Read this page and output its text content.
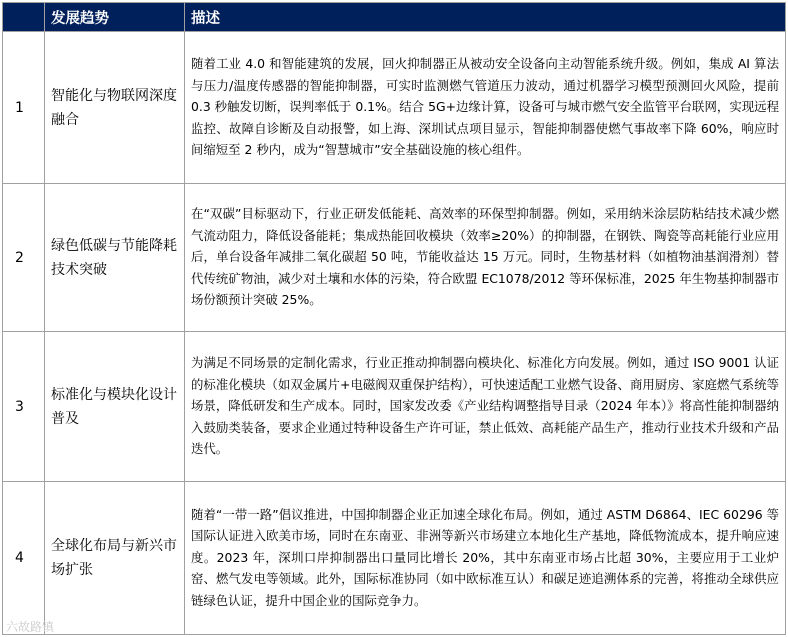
	发展趋势	描述
1	智能化与物联网深度融合	随着工业 4.0 和智能建筑的发展，回火抑制器正从被动安全设备向主动智能系统升级。例如，集成 AI 算法与压力/温度传感器的智能抑制器，可实时监测燃气管道压力波动，通过机器学习模型预测回火风险，提前 0.3 秒触发切断，误判率低于 0.1%。结合 5G+边缘计算，设备可与城市燃气安全监管平台联网，实现远程监控、故障自诊断及自动报警，如上海、深圳试点项目显示，智能抑制器使燃气事故率下降 60%，响应时间缩短至 2 秒内，成为“智慧城市”安全基础设施的核心组件。
2	绿色低碳与节能降耗技术突破	在“双碳”目标驱动下，行业正研发低能耗、高效率的环保型抑制器。例如，采用纳米涂层防粘结技术减少燃气流动阻力，降低设备能耗；集成热能回收模块（效率≥20%）的抑制器，在钢铁、陶瓷等高耗能行业应用后，单台设备年减排二氧化碳超 50 吨，节能收益达 15 万元。同时，生物基材料（如植物油基润滑剂）替代传统矿物油，减少对土壤和水体的污染，符合欧盟 EC1078/2012 等环保标准，2025 年生物基抑制器市场份额预计突破 25%。
3	标准化与模块化设计普及	为满足不同场景的定制化需求，行业正推动抑制器向模块化、标准化方向发展。例如，通过 ISO 9001 认证的标准化模块（如双金属片+电磁阀双重保护结构），可快速适配工业燃气设备、商用厨房、家庭燃气系统等场景，降低研发和生产成本。同时，国家发改委《产业结构调整指导目录（2024 年本）》将高性能抑制器纳入鼓励类装备，要求企业通过特种设备生产许可证，禁止低效、高耗能产品生产，推动行业技术升级和产品迭代。
4	全球化布局与新兴市场扩张	随着“一带一路”倡议推进，中国抑制器企业正加速全球化布局。例如，通过 ASTM D6864、IEC 60296 等国际认证进入欧美市场，同时在东南亚、非洲等新兴市场建立本地化生产基地，降低物流成本，提升响应速度。2023 年，深圳口岸抑制器出口量同比增长 20%，其中东南亚市场占比超 30%，主要应用于工业炉窑、燃气发电等领域。此外，国际标准协同（如中欧标准互认）和碳足迹追溯体系的完善，将推动全球供应链绿色认证，提升中国企业的国际竞争力。
六故路镇
